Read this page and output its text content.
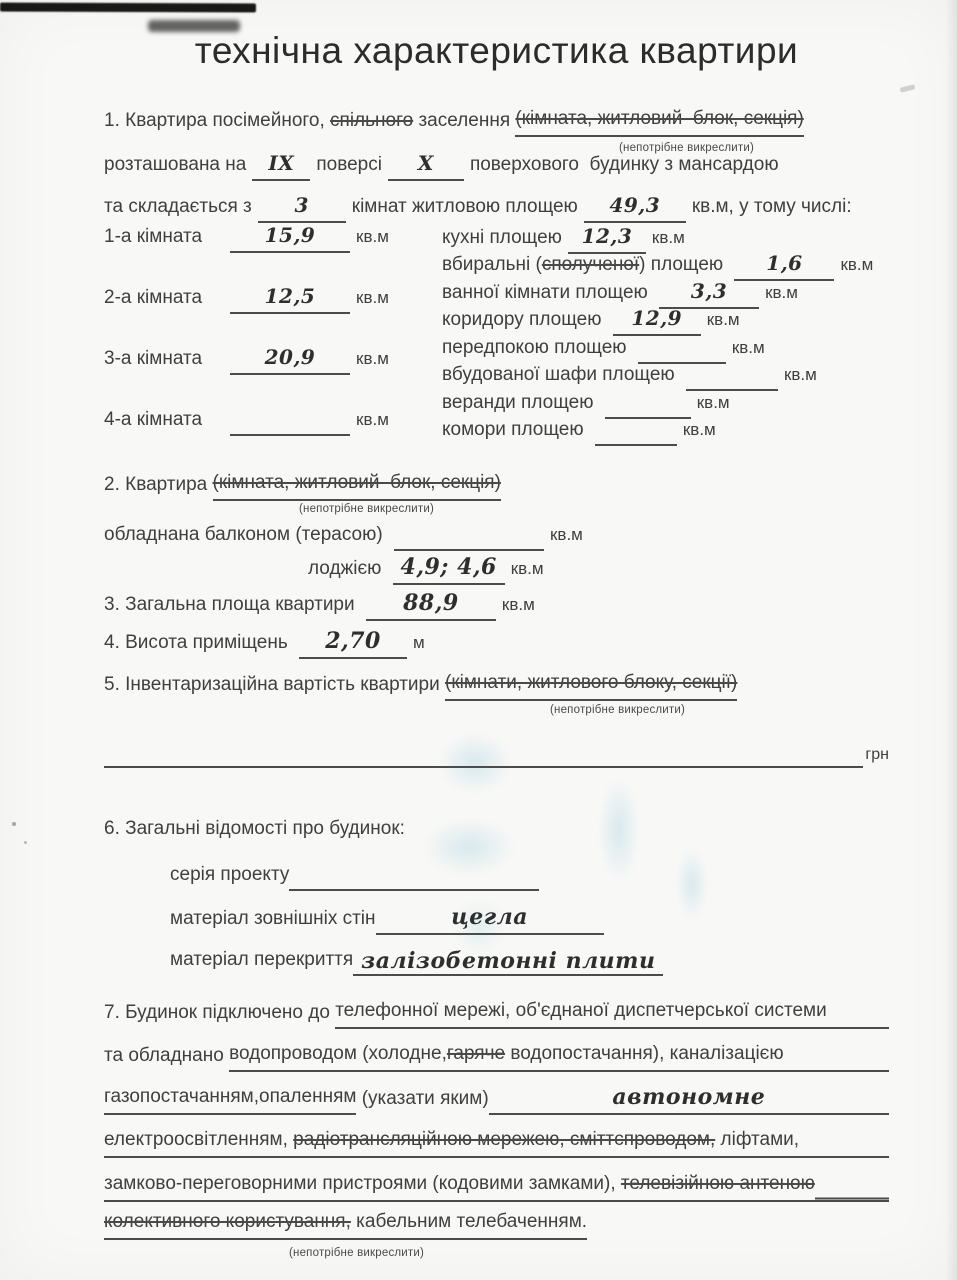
технічна характеристика квартири
1. Квартира посімейного, спільного заселення (кімната, житловий  блок, секція)
(непотрібне викреслити)
розташована на	IX	поверсі	X	поверхового  будинку з мансардою
та складається з	3	кімнат житловою площею	49,3	кв.м, у тому числі:
1-а кімната	15,9	кв.м
2-а кімната	12,5	кв.м
3-а кімната	20,9	кв.м
4-а кімната	кв.м
кухні площею 12,3	кв.м
вбиральні ( сполученої ) площею	1,6	кв.м
ванної кімнати площею	3,3	кв.м
коридору площею	12,9	кв.м
передпокою площею	кв.м
вбудованої шафи площею	кв.м
веранди площею	кв.м
комори площею	кв.м
2. Квартира (кімната, житловий  блок, секція)
(непотрібне викреслити)
обладнана балконом (терасою)	кв.м
лоджією 4,9; 4,6 кв.м
3. Загальна площа квартири	88,9	кв.м
4. Висота приміщень	2,70	м
5. Інвентаризаційна вартість квартири (кімнати, житлового блоку, секції)
(непотрібне викреслити)
грн
6. Загальні відомості про будинок:
серія проекту
матеріал зовнішніх стін	цегла
матеріал перекриття залізобетонні плити
7. Будинок підключено до телефонної мережі, об'єднаної диспетчерської системи
та обладнано водопроводом (холодне, гаряче водопостачання), каналізацією
газопостачанням,опаленням (указати яким)	автономне
електроосвітленням, радіотрансляційною мережею, сміттєпроводом, ліфтами,
замково-переговорними пристроями (кодовими замками), телевізійною антеною
колективного користування, кабельним телебаченням.
(непотрібне викреслити)
